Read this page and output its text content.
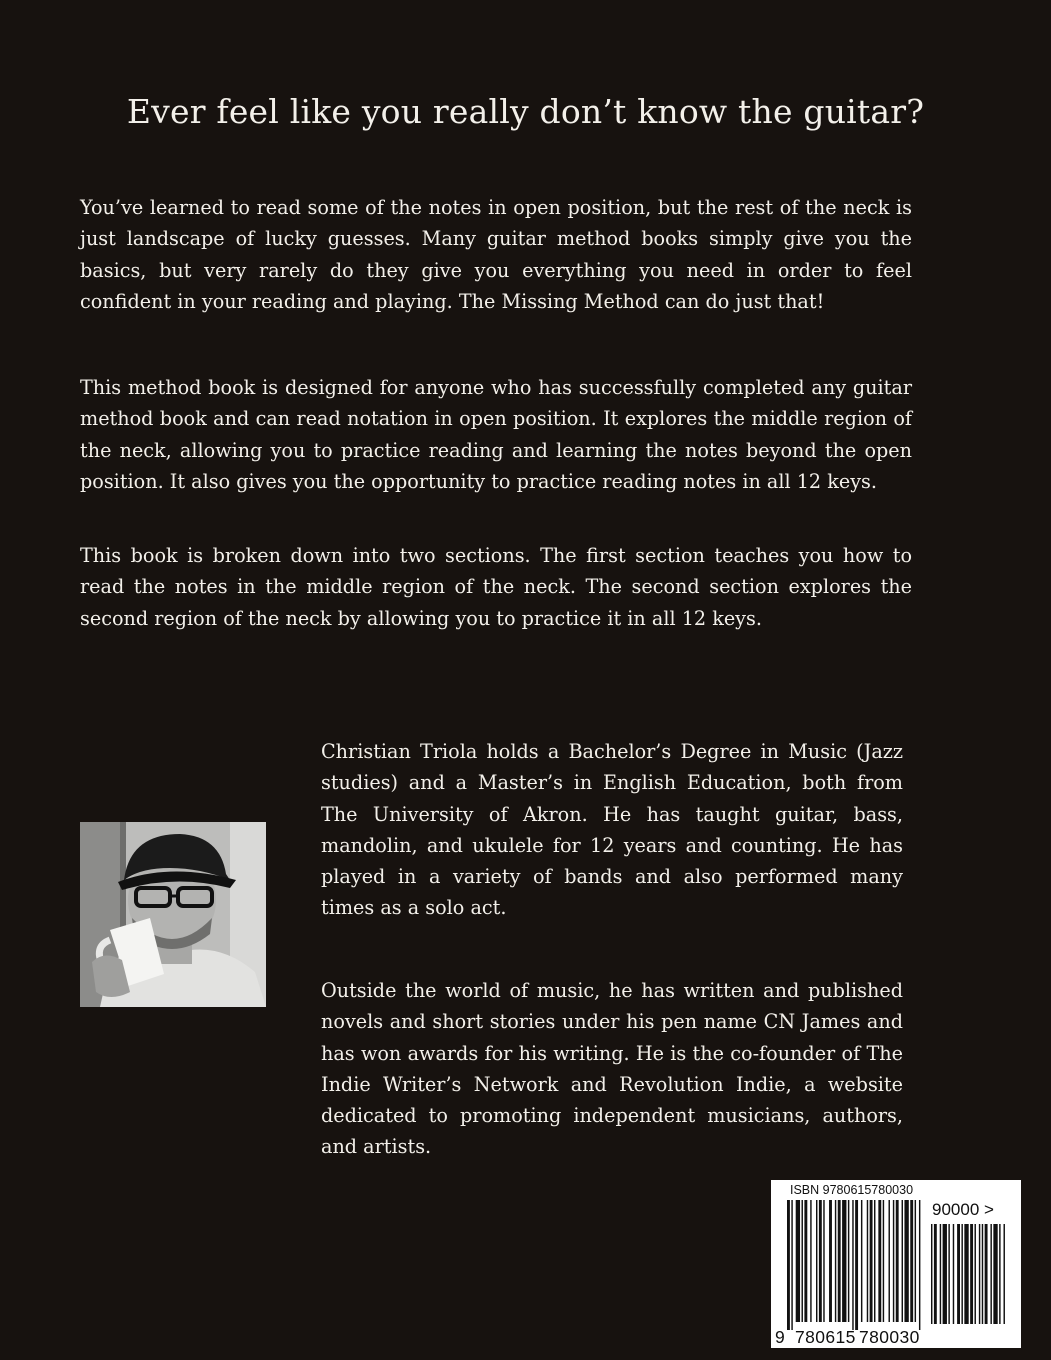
Ever feel like you really don’t know the guitar?

You’ve learned to read some of the notes in open position, but the rest of the neck is just landscape of lucky guesses. Many guitar method books simply give you the basics, but very rarely do they give you everything you need in order to feel confident in your reading and playing. The Missing Method can do just that!

This method book is designed for anyone who has successfully completed any guitar method book and can read notation in open position. It explores the middle region of the neck, allowing you to practice reading and learning the notes beyond the open position. It also gives you the opportunity to practice reading notes in all 12 keys.

This book is broken down into two sections. The first section teaches you how to read the notes in the middle region of the neck. The second section explores the second region of the neck by allowing you to practice it in all 12 keys.

Christian Triola holds a Bachelor’s Degree in Music (Jazz studies) and a Master’s in English Education, both from The University of Akron. He has taught guitar, bass, mandolin, and ukulele for 12 years and counting. He has played in a variety of bands and also performed many times as a solo act.

Outside the world of music, he has written and published novels and short stories under his pen name CN James and has won awards for his writing. He is the co-founder of The Indie Writer’s Network and Revolution Indie, a website dedicated to promoting independent musicians, authors, and artists.

ISBN 9780615780030
90000 >
9 780615 780030
